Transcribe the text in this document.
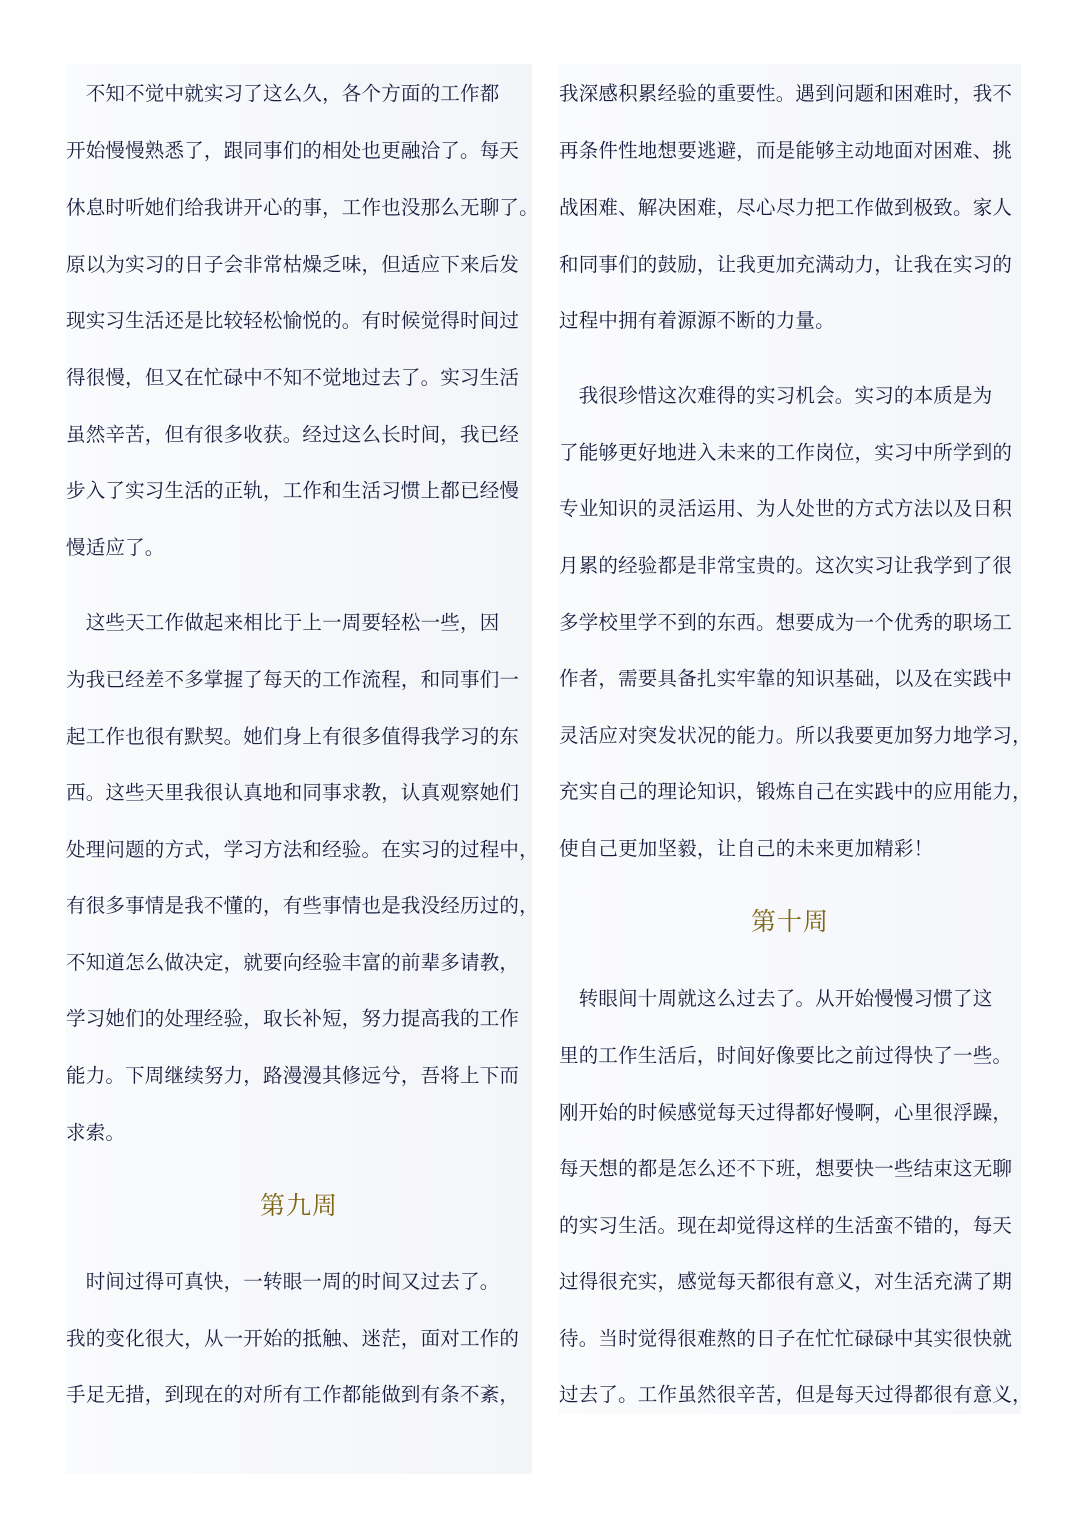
　不知不觉中就实习了这么久，各个方面的工作都
开始慢慢熟悉了，跟同事们的相处也更融洽了。每天
休息时听她们给我讲开心的事，工作也没那么无聊了。
原以为实习的日子会非常枯燥乏味，但适应下来后发
现实习生活还是比较轻松愉悦的。有时候觉得时间过
得很慢，但又在忙碌中不知不觉地过去了。实习生活
虽然辛苦，但有很多收获。经过这么长时间，我已经
步入了实习生活的正轨，工作和生活习惯上都已经慢
慢适应了。
　这些天工作做起来相比于上一周要轻松一些，因
为我已经差不多掌握了每天的工作流程，和同事们一
起工作也很有默契。她们身上有很多值得我学习的东
西。这些天里我很认真地和同事求教，认真观察她们
处理问题的方式，学习方法和经验。在实习的过程中，
有很多事情是我不懂的，有些事情也是我没经历过的，
不知道怎么做决定，就要向经验丰富的前辈多请教，
学习她们的处理经验，取长补短，努力提高我的工作
能力。下周继续努力，路漫漫其修远兮，吾将上下而
求索。
第九周
　时间过得可真快，一转眼一周的时间又过去了。
我的变化很大，从一开始的抵触、迷茫，面对工作的
手足无措，到现在的对所有工作都能做到有条不紊，
我深感积累经验的重要性。遇到问题和困难时，我不
再条件性地想要逃避，而是能够主动地面对困难、挑
战困难、解决困难，尽心尽力把工作做到极致。家人
和同事们的鼓励，让我更加充满动力，让我在实习的
过程中拥有着源源不断的力量。
　我很珍惜这次难得的实习机会。实习的本质是为
了能够更好地进入未来的工作岗位，实习中所学到的
专业知识的灵活运用、为人处世的方式方法以及日积
月累的经验都是非常宝贵的。这次实习让我学到了很
多学校里学不到的东西。想要成为一个优秀的职场工
作者，需要具备扎实牢靠的知识基础，以及在实践中
灵活应对突发状况的能力。所以我要更加努力地学习，
充实自己的理论知识，锻炼自己在实践中的应用能力，
使自己更加坚毅，让自己的未来更加精彩！
第十周
　转眼间十周就这么过去了。从开始慢慢习惯了这
里的工作生活后，时间好像要比之前过得快了一些。
刚开始的时候感觉每天过得都好慢啊，心里很浮躁，
每天想的都是怎么还不下班，想要快一些结束这无聊
的实习生活。现在却觉得这样的生活蛮不错的，每天
过得很充实，感觉每天都很有意义，对生活充满了期
待。当时觉得很难熬的日子在忙忙碌碌中其实很快就
过去了。工作虽然很辛苦，但是每天过得都很有意义，
